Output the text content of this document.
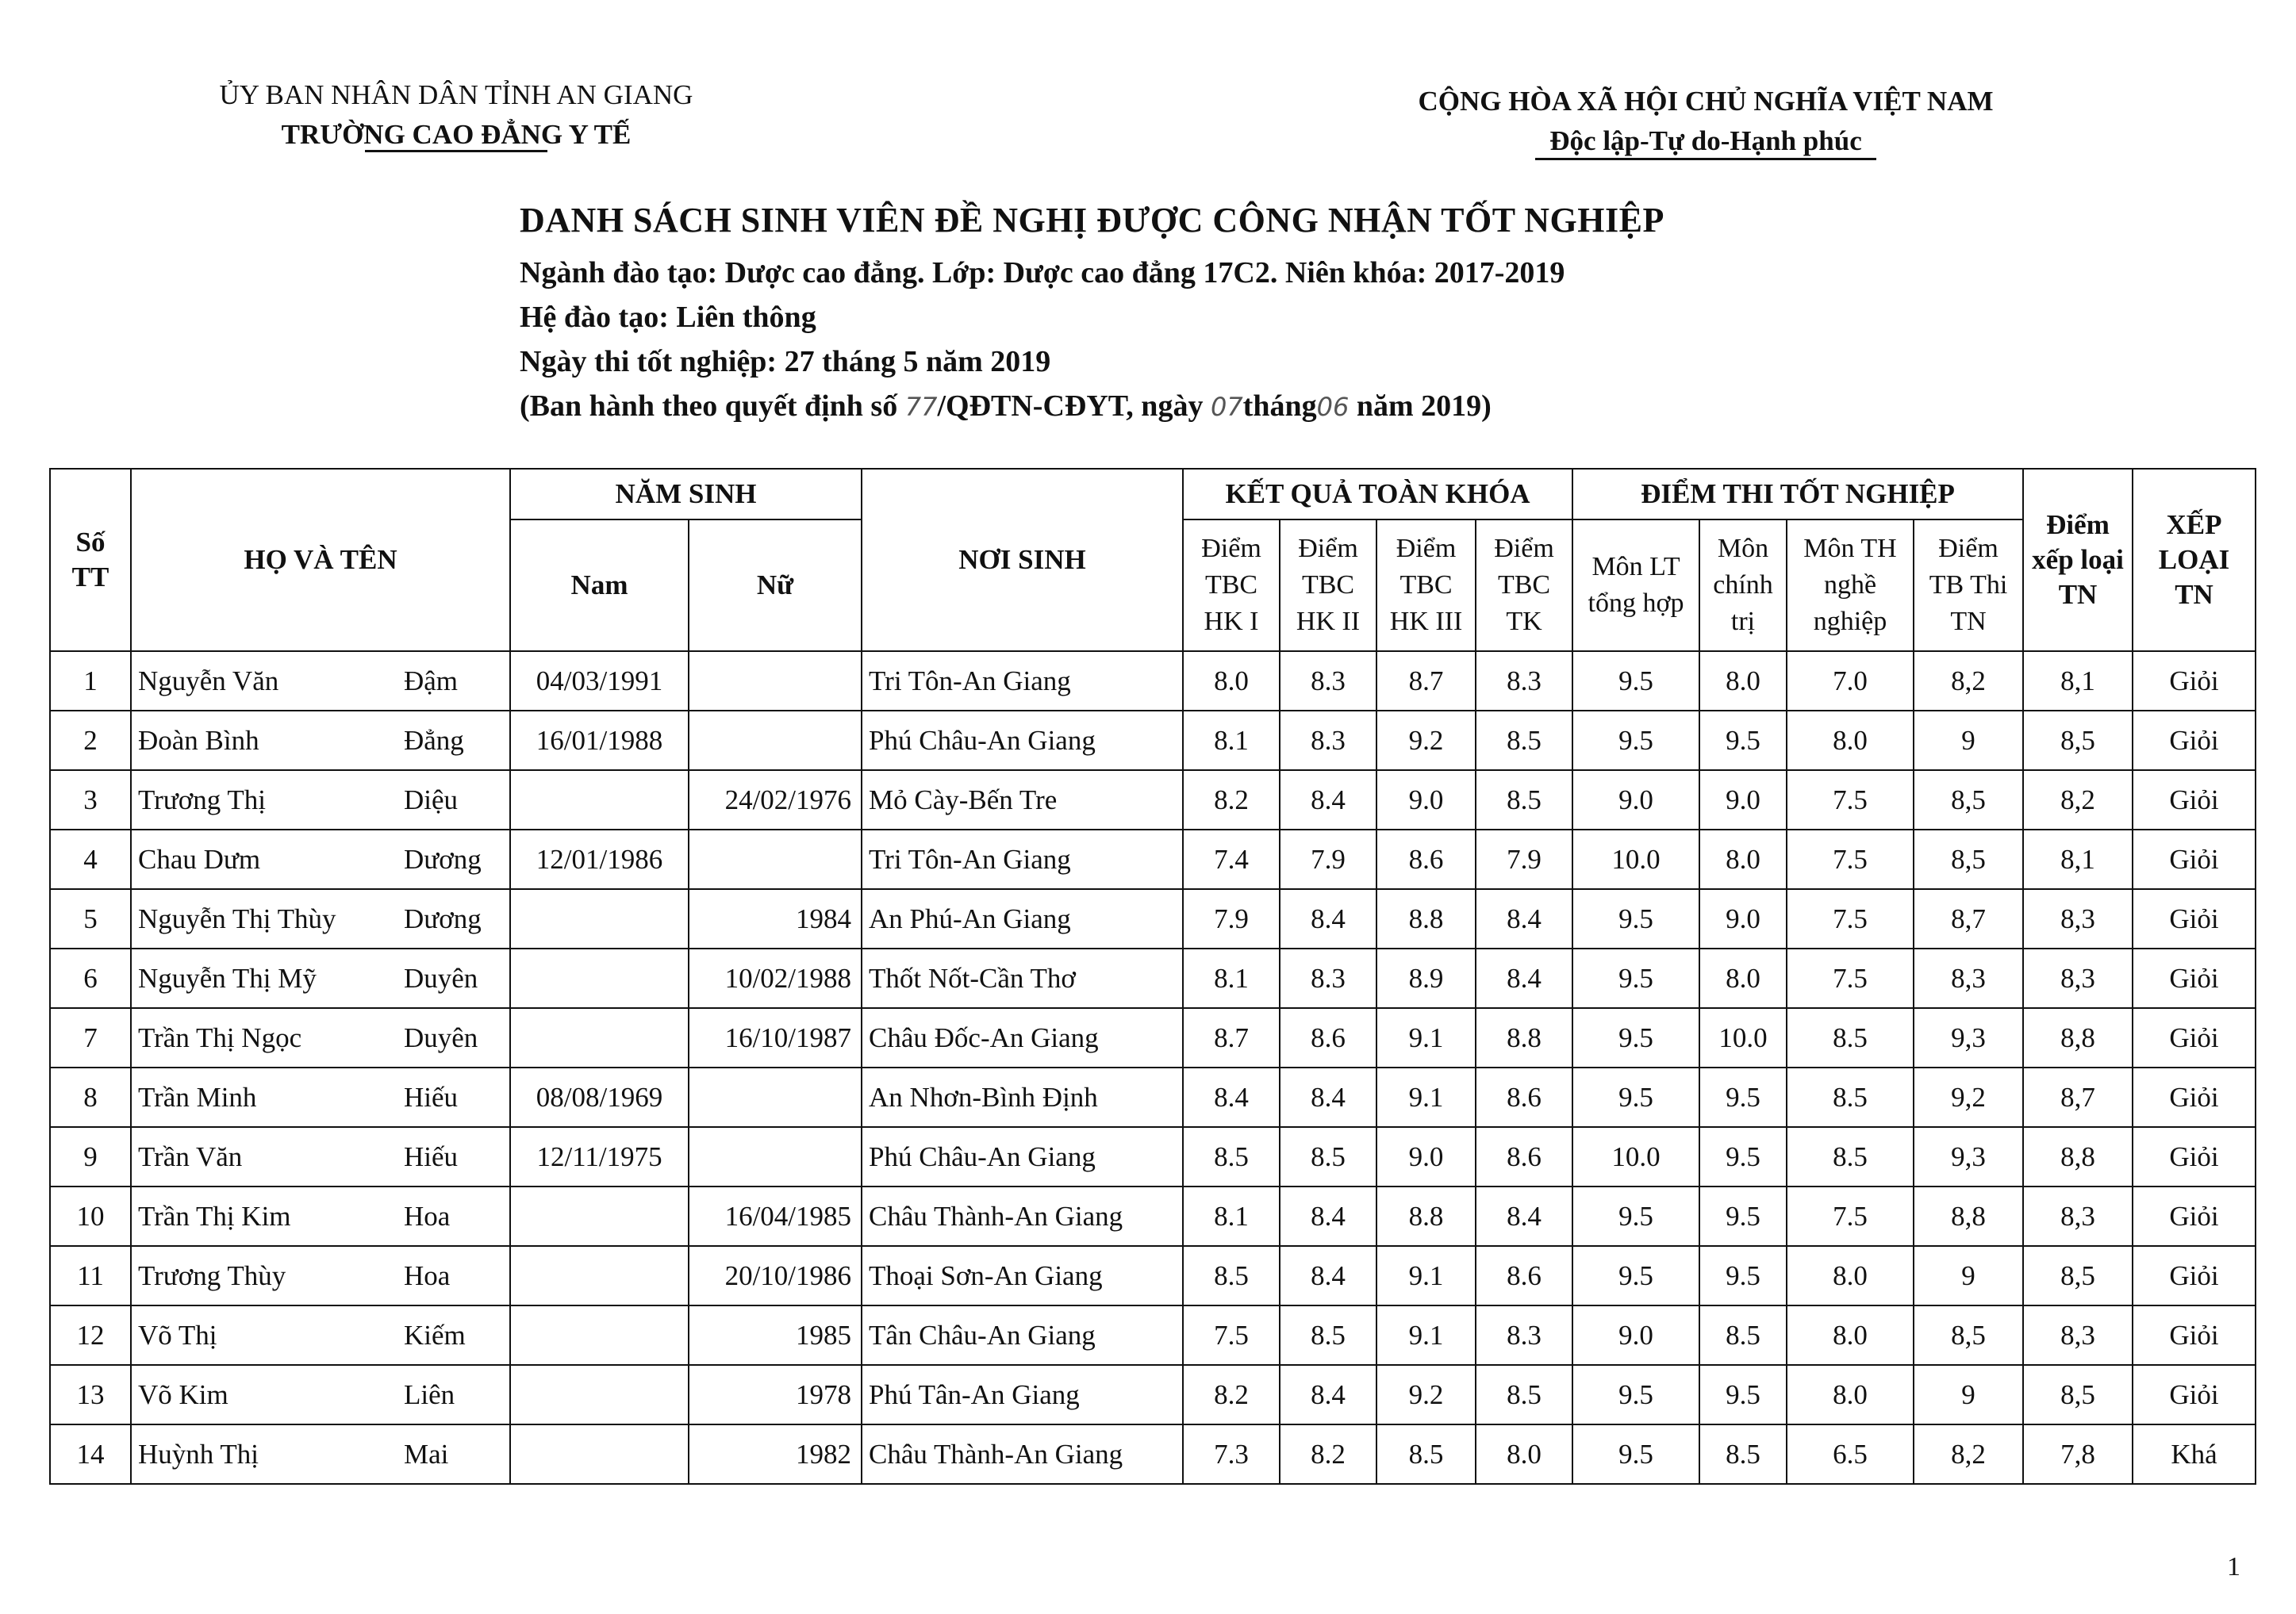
ỦY BAN NHÂN DÂN TỈNH AN GIANG
TRƯỜNG CAO ĐẲNG Y TẾ
CỘNG HÒA XÃ HỘI CHỦ NGHĨA VIỆT NAM
Độc lập-Tự do-Hạnh phúc
DANH SÁCH SINH VIÊN ĐỀ NGHỊ ĐƯỢC CÔNG NHẬN TỐT NGHIỆP
Ngành đào tạo: Dược cao đẳng. Lớp: Dược cao đẳng 17C2. Niên khóa: 2017-2019
Hệ đào tạo: Liên thông
Ngày thi tốt nghiệp: 27 tháng 5 năm 2019
(Ban hành theo quyết định số 77/QĐTN-CĐYT, ngày 07tháng06 năm 2019)
Số TT	HỌ VÀ TÊN		NĂM SINH		NƠI SINH	KẾT QUẢ TOÀN KHÓA				ĐIỂM THI TỐT NGHIỆP				Điểm xếp loại TN	XẾP LOẠI TN
			Nam	Nữ		Điểm TBC HK I	Điểm TBC HK II	Điểm TBC HK III	Điểm TBC TK	Môn LT tổng hợp	Môn chính trị	Môn TH nghề nghiệp	Điểm TB Thi TN		
1	Nguyễn Văn	Đậm	04/03/1991		Tri Tôn-An Giang	8.0	8.3	8.7	8.3	9.5	8.0	7.0	8,2	8,1	Giỏi
2	Đoàn Bình	Đẳng	16/01/1988		Phú Châu-An Giang	8.1	8.3	9.2	8.5	9.5	9.5	8.0	9	8,5	Giỏi
3	Trương Thị	Diệu		24/02/1976	Mỏ Cày-Bến Tre	8.2	8.4	9.0	8.5	9.0	9.0	7.5	8,5	8,2	Giỏi
4	Chau Dưm	Dương	12/01/1986		Tri Tôn-An Giang	7.4	7.9	8.6	7.9	10.0	8.0	7.5	8,5	8,1	Giỏi
5	Nguyễn Thị Thùy	Dương		1984	An Phú-An Giang	7.9	8.4	8.8	8.4	9.5	9.0	7.5	8,7	8,3	Giỏi
6	Nguyễn Thị Mỹ	Duyên		10/02/1988	Thốt Nốt-Cần Thơ	8.1	8.3	8.9	8.4	9.5	8.0	7.5	8,3	8,3	Giỏi
7	Trần Thị Ngọc	Duyên		16/10/1987	Châu Đốc-An Giang	8.7	8.6	9.1	8.8	9.5	10.0	8.5	9,3	8,8	Giỏi
8	Trần Minh	Hiếu	08/08/1969		An Nhơn-Bình Định	8.4	8.4	9.1	8.6	9.5	9.5	8.5	9,2	8,7	Giỏi
9	Trần Văn	Hiếu	12/11/1975		Phú Châu-An Giang	8.5	8.5	9.0	8.6	10.0	9.5	8.5	9,3	8,8	Giỏi
10	Trần Thị Kim	Hoa		16/04/1985	Châu Thành-An Giang	8.1	8.4	8.8	8.4	9.5	9.5	7.5	8,8	8,3	Giỏi
11	Trương Thùy	Hoa		20/10/1986	Thoại Sơn-An Giang	8.5	8.4	9.1	8.6	9.5	9.5	8.0	9	8,5	Giỏi
12	Võ Thị	Kiếm		1985	Tân Châu-An Giang	7.5	8.5	9.1	8.3	9.0	8.5	8.0	8,5	8,3	Giỏi
13	Võ Kim	Liên		1978	Phú Tân-An Giang	8.2	8.4	9.2	8.5	9.5	9.5	8.0	9	8,5	Giỏi
14	Huỳnh Thị	Mai		1982	Châu Thành-An Giang	7.3	8.2	8.5	8.0	9.5	8.5	6.5	8,2	7,8	Khá
1
